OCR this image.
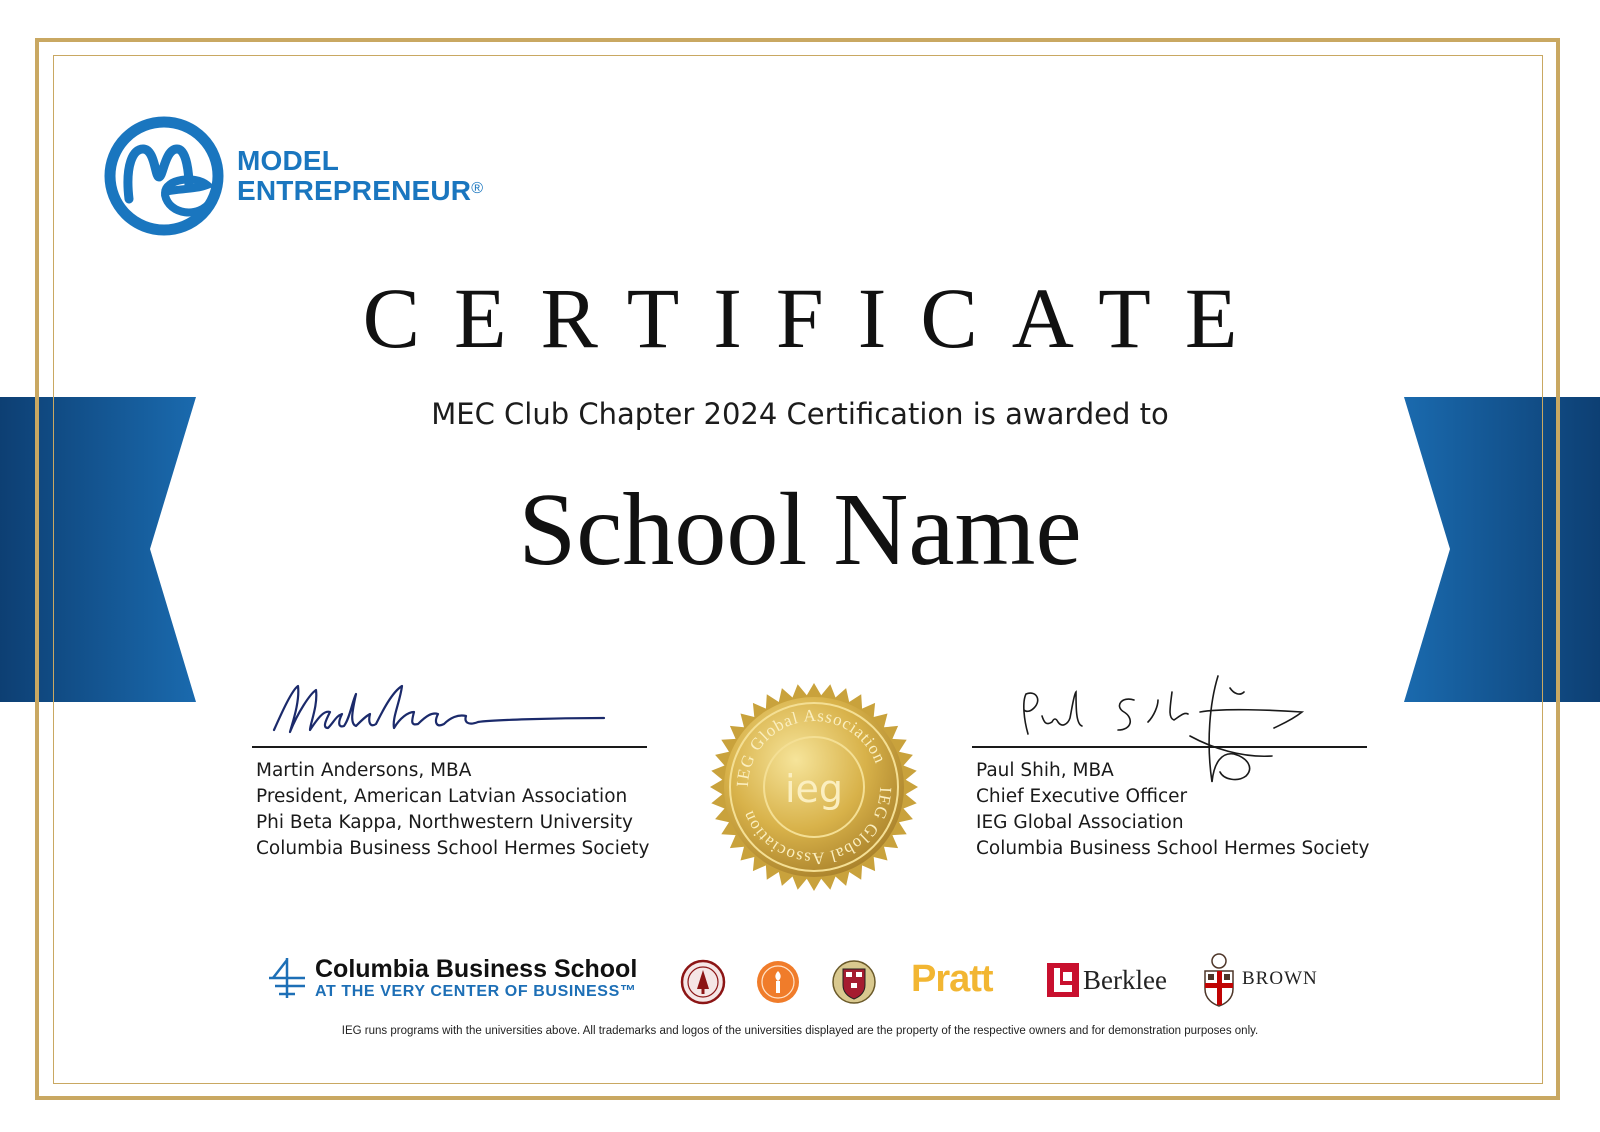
MODEL
ENTREPRENEUR®
CERTIFICATE
MEC Club Chapter 2024 Certification is awarded to
School Name
Martin Andersons, MBA
President, American Latvian Association
Phi Beta Kappa, Northwestern University
Columbia Business School Hermes Society
IEG Global Association
IEG Global Association
ieg	Paul Shih, MBA
Chief Executive Officer
IEG Global Association
Columbia Business School Hermes Society
Columbia Business School
AT THE VERY CENTER OF BUSINESS™	Pratt	Berklee	BROWN
IEG runs programs with the universities above. All trademarks and logos of the universities displayed are the property of the respective owners and for demonstration purposes only.
